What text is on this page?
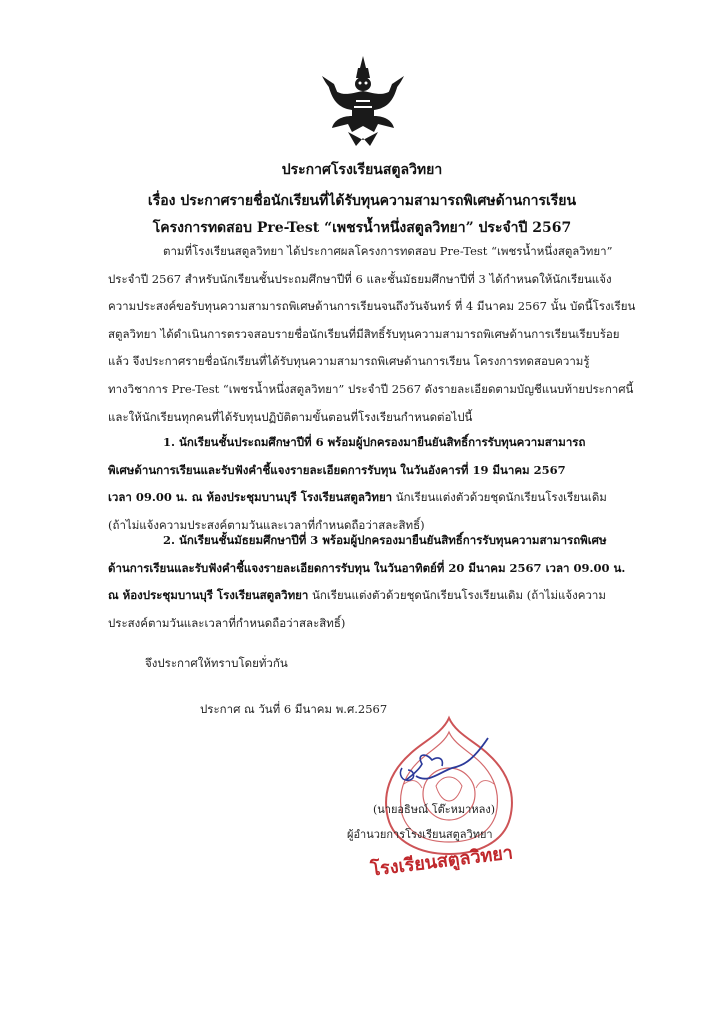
ประกาศโรงเรียนสตูลวิทยา
เรื่อง ประกาศรายชื่อนักเรียนที่ได้รับทุนความสามารถพิเศษด้านการเรียน
โครงการทดสอบ Pre-Test “เพชรน้ำหนึ่งสตูลวิทยา” ประจำปี 2567
ตามที่โรงเรียนสตูลวิทยา ได้ประกาศผลโครงการทดสอบ Pre-Test “เพชรน้ำหนึ่งสตูลวิทยา”
ประจำปี 2567 สำหรับนักเรียนชั้นประถมศึกษาปีที่ 6 และชั้นมัธยมศึกษาปีที่ 3 ได้กำหนดให้นักเรียนแจ้ง
ความประสงค์ขอรับทุนความสามารถพิเศษด้านการเรียนจนถึงวันจันทร์ ที่ 4 มีนาคม 2567 นั้น บัดนี้โรงเรียน
สตูลวิทยา ได้ดำเนินการตรวจสอบรายชื่อนักเรียนที่มีสิทธิ์รับทุนความสามารถพิเศษด้านการเรียนเรียบร้อย
แล้ว จึงประกาศรายชื่อนักเรียนที่ได้รับทุนความสามารถพิเศษด้านการเรียน โครงการทดสอบความรู้
ทางวิชาการ Pre-Test “เพชรน้ำหนึ่งสตูลวิทยา” ประจำปี 2567 ดังรายละเอียดตามบัญชีแนบท้ายประกาศนี้
และให้นักเรียนทุกคนที่ได้รับทุนปฏิบัติตามขั้นตอนที่โรงเรียนกำหนดต่อไปนี้
1. นักเรียนชั้นประถมศึกษาปีที่ 6 พร้อมผู้ปกครองมายืนยันสิทธิ์การรับทุนความสามารถ
พิเศษด้านการเรียนและรับฟังคำชี้แจงรายละเอียดการรับทุน ในวันอังคารที่ 19 มีนาคม 2567
เวลา 09.00 น. ณ ห้องประชุมบานบุรี โรงเรียนสตูลวิทยา นักเรียนแต่งตัวด้วยชุดนักเรียนโรงเรียนเดิม
(ถ้าไม่แจ้งความประสงค์ตามวันและเวลาที่กำหนดถือว่าสละสิทธิ์)
2. นักเรียนชั้นมัธยมศึกษาปีที่ 3 พร้อมผู้ปกครองมายืนยันสิทธิ์การรับทุนความสามารถพิเศษ
ด้านการเรียนและรับฟังคำชี้แจงรายละเอียดการรับทุน ในวันอาทิตย์ที่ 20 มีนาคม 2567 เวลา 09.00 น.
ณ ห้องประชุมบานบุรี โรงเรียนสตูลวิทยา นักเรียนแต่งตัวด้วยชุดนักเรียนโรงเรียนเดิม (ถ้าไม่แจ้งความ
ประสงค์ตามวันและเวลาที่กำหนดถือว่าสละสิทธิ์)
จึงประกาศให้ทราบโดยทั่วกัน
ประกาศ ณ วันที่ 6 มีนาคม พ.ศ.2567
(นายอธิษณ์ โต๊ะหมาหลง)
ผู้อำนวยการโรงเรียนสตูลวิทยา
โรงเรียนสตูลวิทยา
